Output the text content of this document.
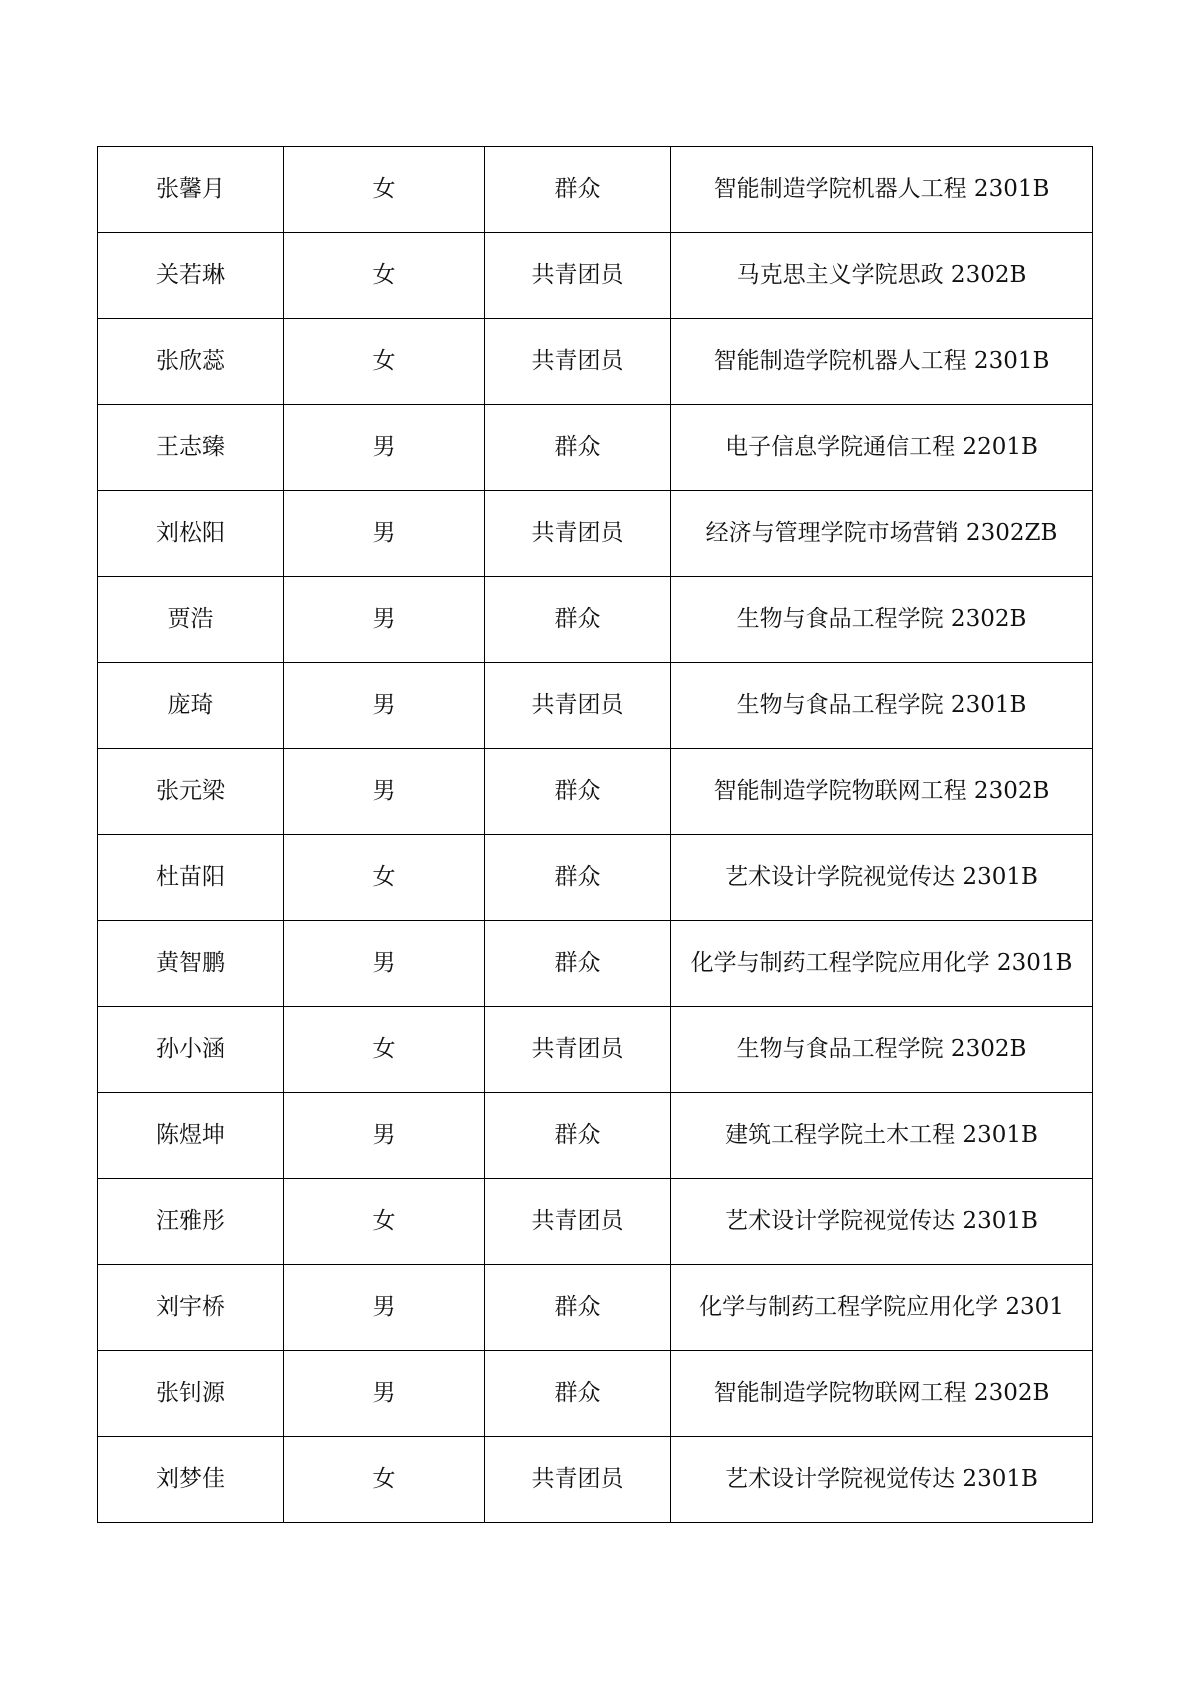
张馨月	女	群众	智能制造学院机器人工程 2301B
关若琳	女	共青团员	马克思主义学院思政 2302B
张欣蕊	女	共青团员	智能制造学院机器人工程 2301B
王志臻	男	群众	电子信息学院通信工程 2201B
刘松阳	男	共青团员	经济与管理学院市场营销 2302ZB
贾浩	男	群众	生物与食品工程学院 2302B
庞琦	男	共青团员	生物与食品工程学院 2301B
张元梁	男	群众	智能制造学院物联网工程 2302B
杜苗阳	女	群众	艺术设计学院视觉传达 2301B
黄智鹏	男	群众	化学与制药工程学院应用化学 2301B
孙小涵	女	共青团员	生物与食品工程学院 2302B
陈煜坤	男	群众	建筑工程学院土木工程 2301B
汪雅彤	女	共青团员	艺术设计学院视觉传达 2301B
刘宇桥	男	群众	化学与制药工程学院应用化学 2301
张钊源	男	群众	智能制造学院物联网工程 2302B
刘梦佳	女	共青团员	艺术设计学院视觉传达 2301B
